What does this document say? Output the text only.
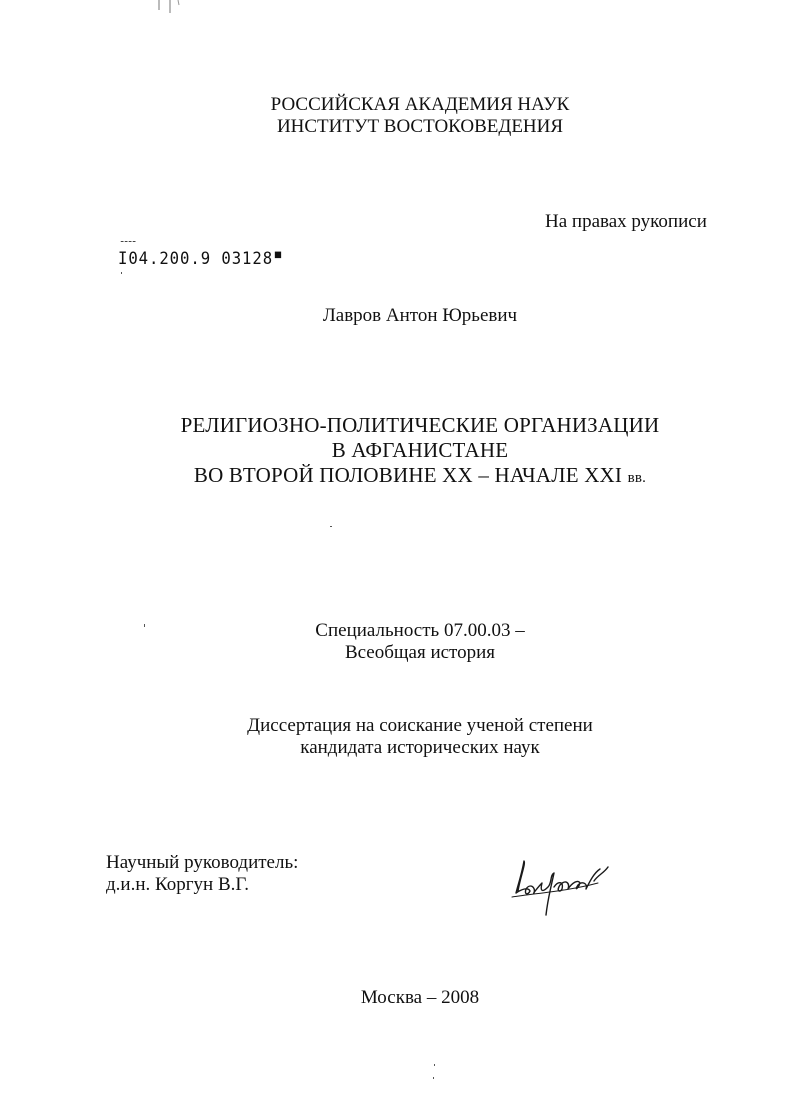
РОССИЙСКАЯ АКАДЕМИЯ НАУК
ИНСТИТУТ ВОСТОКОВЕДЕНИЯ
На правах рукописи
I04.200.9 03128 ▀
Лавров Антон Юрьевич
РЕЛИГИОЗНО-ПОЛИТИЧЕСКИЕ ОРГАНИЗАЦИИ
В АФГАНИСТАНЕ
ВО ВТОРОЙ ПОЛОВИНЕ XX – НАЧАЛЕ XXI вв.
Специальность 07.00.03 –
Всеобщая история
Диссертация на соискание ученой степени
кандидата исторических наук
Научный руководитель:
д.и.н. Коргун В.Г.
Москва – 2008
